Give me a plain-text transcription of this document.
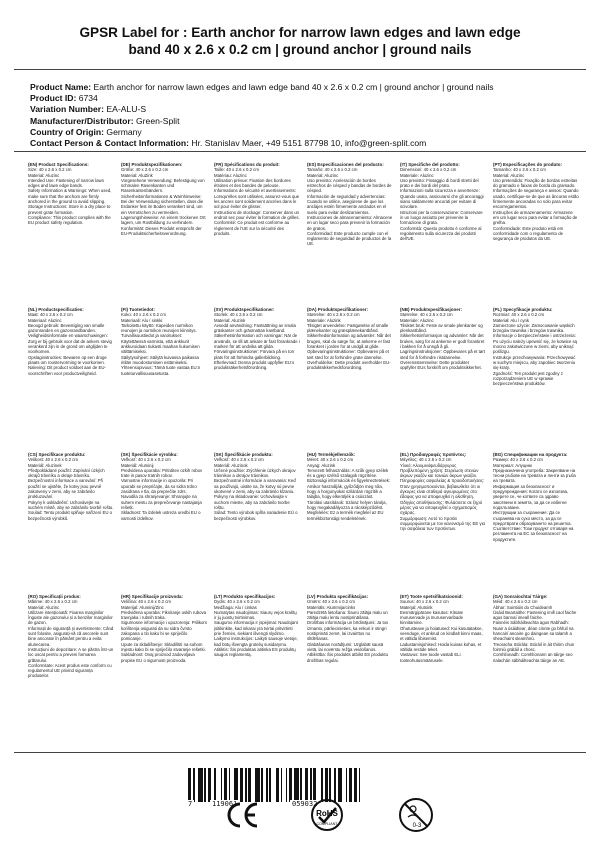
GPSR Label for : Earth anchor for narrow lawn edges and lawn edge
band 40 x 2.6 x 0.2 cm | ground anchor | ground nails
Product Name: Earth anchor for narrow lawn edges and lawn edge band 40 x 2.6 x 0.2 cm | ground anchor | ground nails
Product ID: 6734
Variation Number: EA-ALU-S
Manufacturer/Distributor: Green-Split
Country of Origin: Germany
Contact Person & Contact Information: Hr. Stanislav Maer, +49 5151 87798 10, info@green-split.com
(EN) Product Specifications:

Size: 40 x 2.6 x 0.2 cm

Material: Aluzinc

Intended Use: Fastening of narrow lawn edges and lawn edge bands.

Safety Information & Warnings: When used, make sure that the anchors are firmly anchored in the ground to avoid slipping.

Storage Instructions: Store in a dry place to prevent grate formation.

Compliance: This product complies with the EU product safety regulation.

(DE) Produktspezifikationen:

Größe: 40 x 2.6 x 0.2 cm

Material: AluZink

Vorgesehene Verwendung: Befestigung von schmalen Rasenkanten und Rasenkantenbändern.

Sicherheitsinformationen & Warnhinweise: Bei der Verwendung sicherstellen, dass die Erdanker fest im Boden verankert sind, um ein Verrutschen zu vermeiden.

Lagerungshinweise: An einem trockenen Ort lagern, um Rostbildung zu verhindern.

Konformität: Dieses Produkt entspricht der EU-Produktsicherheitsverordnung.

(FR) Spécifications du produit:

Taille: 40 x 2.6 x 0.2 cm

Matériau: Aluzinc

Utilisation prévue: Fixation des bordures étroites et des bandes de pelouse.

Informations de sécurité et avertissements: Lorsqu'elles sont utilisées, assurez-vous que les ancres sont solidement ancrées dans le sol pour éviter de glisser.

Instructions de stockage: Conserver dans un endroit sec pour éviter la formation de grilles.

Conformité: Ce produit est conforme au règlement de l'UE sur la sécurité des produits.

(ES) Especificaciones del producto:

Tamaño: 40 x 2.6 x 0.2 cm

Material: Aluzinc

Uso previsto: Aceleración de bordes estrechos de césped y bandas de bordes de césped.

Información de seguridad y advertencias: Cuando se utilice, asegúrese de que los anclajes estén firmemente anclados en el suelo para evitar deslizamientos.

Instrucciones de almacenamiento: Almacene en un lugar seco para prevenir la formación de gratos.

Conformidad: Este producto cumple con el reglamento de seguridad de productos de la UE.

(IT) Specifiche del prodotto:

Dimensioni: 40 x 2.6 x 0.2 cm

Materiale: Aluzinc

Uso previsto: Fissaggio di bordi stretti del prato e dei bordi del prato.

Informazioni sulla sicurezza e avvertenze: Quando usato, assicurarsi che gli ancoraggi siano saldamente ancorati per evitare di scivolare.

Istruzioni per la conservazione: Conservare in un luogo asciutto per prevenire la formazione di grata.

Conformità: Questo prodotto è conforme al regolamento sulla sicurezza dei prodotti dell'UE.

(PT) Especificações do produto:

Tamanho: 40 x 2.6 x 0.2 cm

Material: Aluzinc

Uso pretendido: Fixação de bordas estreitas do gramado e faixas de borda do gramado.

Informações de segurança e avisos: Quando usado, certifique-se de que as âncoras estão firmemente ancoradas no solo para evitar escorregamentos.

Instruções de armazenamento: Armazene em um lugar seco para evitar a formação de grelha.

Conformidade: Este produto está em conformidade com o regulamento de segurança de produtos da UE.

(NL) Productspecificaties:

Maat: 40 x 2.6 x 0.2 cm

Materiaal: Aluzinc

Beoogd gebruik: Bevestiging van smalle gazonranden en gazonrandbanden.

Veiligheidsinformatie en waarschuwingen: Zorg er bij gebruik voor dat de ankers stevig verankerd zijn in de grond om uitglijden te voorkomen.

Opslaginstructies: Bewaren op een droge plaats om roostervorming te voorkomen.

Naleving: Dit product voldoet aan de EU-voorschriften voor productveiligheid.

(FI) Tuotetiedot:

Koko: 40 x 2.6 x 0.2 cm

Materiaali: Alu / sinkki

Tarkoitettu käyttö: Kapeiden nurmikon reunojen ja nurmikon reunojen kiinnitys.

Turvallisuustiedot ja varoitukset: Käytettäessä varmista, että ankkurit ankkuroidaan tiukasti maahan liukumisen välttämiseksi.

Säilytysohjeet: Säilytä kuivassa paikassa ritilän muodostumisen estämiseksi.

Yhteensopivuus: Tämä tuote vastaa EU:n tuoteturvallisuusasetusta.

(SV) Produktspecifikationer:

Storlek: 40 x 2.6 x 0.2 cm

Material: Aluzink

Avsedd användning: Fastsättning av smala gräskanter och gräsmattan kantband.

Säkerhetsinformation och varningar: När de används, se till att ankare är fast förankrade i marken för att undvika att glida.

Förvaringsinstruktioner: Förvara på en torr plats för att förhindra gallerbildning.

Efterlevnad: Denna produkt uppfyller EU:s produktsäkerhetsförordning.

(DA) Produktspecifikationer:

Størrelse: 40 x 2.6 x 0.2 cm

Materiale: Aluzink

Tilsigtet anvendelse: Fastgørelse af smalle plænekanter og græsplænekantbånd.

Sikkerhedsinformation og advarsler: Når det bruges, skal du sørge for, at ankerne er fast forankret i jorden for at undgå at glide.

Opbevaringsinstruktioner: Opbevares på et tørt sted for at forhindre grate dannelse.

Overholdelse: Dette produkt overholder EU-produktsikkerhedsforordning.

(NB) Produktspesifikasjoner:

Størrelse: 40 x 2.6 x 0.2 cm

Materiale: Aluzinc

Tilsiktet bruk: Feste av smale plenkanter og plenkantbånd.

Sikkerhetsinformasjon og advarsler: Når det brukes, sørg for at ankerne er godt forankret i bakken for å unngå å gli.

Lagringsinstruksjoner: Oppbevares på et tørt sted for å forhindre ristdannelse.

Overensstemmelse: Dette produktet oppfyller EUs forskrift om produktsikkerhet.

(PL) Specyfikacje produktu:

Rozmiar: 40 x 2.6 x 0.2 cm

Materiał: Alu / cynk

Zamierzone użycie: Zamocowanie wąskich brzegów trawnika i brzegów trawnika.

Informacje o bezpieczeństwie i ostrzeżenia: Po użyciu należy upewnić się, że kotwice są mocno zakotwiczone w ziemi, aby uniknąć poślizgu.

Instrukcje przechowywania: Przechowywać w suchym miejscu, aby zapobiec tworzeniu się kraty.

Zgodność: Ten produkt jest zgodny z rozporządzeniem UE w sprawie bezpieczeństwa produktów.

(CS) Specifikace produktu:

Velikost: 40 x 2.6 x 0.2 cm

Materiál: Aluzinek

Předpokládané použití: Zapínání úzkých okrajů trávníku a okraje trávníku.

Bezpečnostní informace a varování: Při použití se ujistěte, že kotvy jsou pevně zakotveny v zemi, aby se zabránilo prokluzování.

Pokyny k uskladnění: Uchovávejte na suchém místě, aby se zabránilo tvorbě roštu.

Soulad: Tento produkt splňuje nařízení EU o bezpečnosti výrobků.

(SK) Špecifikácie výrobku:

Veľkosť: 40 x 2.6 x 0.2 cm

Materiál: Aluminij

Predvidena uporaba: Pritrditev ozkih robov trate in pasov tratnih robov.

Varnostne informacije in opozorila: Pri uporabi se prepričajte, da so sidra trdno zasidrana v tla, da preprečite zdrs.

Navodila za shranjevanje: Shranjujte na suhem mestu za preprečevanje nastajanja rešetk.

Skladnost: Ta izdelek ustreza uredbi EU o varnosti izdelkov.

(SK) Špecifikácie produktu:

Veľkosť: 40 x 2.6 x 0.2 cm

Materiál: Aluzinok

Určené použitie: Zrýchlenie úzkych okrajov trávnikov a okrajov trávnikov.

Bezpečnostné informácie a varovania: Keď sa používajú, uistite sa, že kotvy sú pevne ukotvené v zemi, aby sa zabránilo kĺzaniu.

Pokyny na skladovanie: Uchovávajte v suchom mieste, aby sa zabránilo tvorbe roštu.

Súlad: Tento výrobok spĺňa nariadenie EÚ o bezpečnosti výrobkov.

(HU) Termékjellemzők:

Méret: 40 x 2.6 x 0.2 cm

Anyag: Aluzink

Tervezett felhasználás: A szűk gyep szélek és a gyep szélső szalagok rögzítése.

Biztonsági információk és figyelmeztetések: Amikor használják, győződjön meg róla, hogy a horgonyokat szilárdan rögzítik a talajba, hogy elkerüljék a csúszást.

Tárolási utasítások: Száraz helyen tárolja, hogy megakadályozza a rácsképződést.

Megfelelés: Ez a termék megfelel az EU termékbiztonsági rendeletének.

(EL) Προδιαγραφές προϊόντος:

Μέγεθος: 40 x 2.6 x 0.2 cm

Υλικό: Αλουμινόψευδάργυρος

Προβλεπόμενη χρήση: Στερέωση στενών άκρων γκαζόν και ταινιών άκρων γκαζόν.

Πληροφορίες ασφαλείας & προειδοποιήσεις: Όταν χρησιμοποιούνται, βεβαιωθείτε ότι οι άγκυρες είναι σταθερά αγκυρωμένες στο έδαφος για να αποφευχθεί η ολίσθηση.

Οδηγίες αποθήκευσης: Φυλάσσετε σε ξηρό μέρος για να αποφευχθεί ο σχηματισμός σχάρας.

Συμμόρφωση: Αυτό το προϊόν συμμορφώνεται με τον κανονισμό της ΕΕ για την ασφάλεια των προϊόντων.

(BG) Спецификации на продукта:

Размер: 40 x 2.6 x 0.2 cm

Материал: Алуцинк

Предназначена употреба: Закрепване на тесни ръбове на тревата и ленти за ръба на тревата.

Информация за безопасност и предупреждения: Когато се използва, уверете се, че котвите са здраво закотвени в земята, за да се избегне подхлъзване.

Инструкции за съхранение: Да се съхранява на сухо място, за да се предотврати образуването на решетка.

Съответствие: Този продукт отговаря на регламента на ЕС за безопасност на продуктите.

(RO) Specificații produs:

Mărime: 40 x 2.6 x 0.2 cm

Material: Aluzinc

Utilizare intenționată: Fixarea marginilor înguste ale gazonului și a benzilor marginilor de gazon.

Informații de siguranță și avertismente: Când sunt folosite, asigurați-vă că ancorele sunt bine ancorate în pământ pentru a evita alunecarea.

Instrucțiuni de depozitare: A se păstra într-un loc uscat pentru a preveni formarea grătarului.

Conformitate: Acest produs este conform cu regulamentul UE privind siguranța produselor.

(HR) Specifikacije proizvoda:

Veličina: 40 x 2.6 x 0.2 cm

Materijal: Aluminij/Zinc

Predviđena uporaba: Fiksiranje uskih rubova travnjaka i rubnih traka.

Sigurnosne informacije i upozorenja: Prilikom korištenja osigurati da su sidra čvrsto zakopana u tlo kako bi se spriječilo pomicanje.

Upute za skladištenje: Skladištiti na suhom mjestu kako bi se spriječilo stvaranje rešetki.

Sukladnost: Ovaj proizvod zadovoljava propise EU o sigurnosti proizvoda.

(LT) Produkto specifikacijos:

Dydis: 40 x 2.6 x 0.2 cm

Medžiaga: Alu / cinkas

Numatytas naudojimas: Siaurų vejos kraštų ir jų juostų tvirtinimas.

Saugumo informacija ir įspėjimai: Naudojant įsitikinkite, kad inkarai yra tvirtai pritvirtinti prie žemės, siekiant išvengti slydimo.

Laikymo instrukcijos: Laikyti sausoje vietoje, kad būtų išvengta grotelių susidarymo.

Atitiktis: Šis produktas atitinka ES produktų saugos reglamentą.

(LV) Produkta specifikācijas:

Izmērs: 40 x 2.6 x 0.2 cm

Materiāls: Alumīnija/cinks

Paredzētā lietošana: Šauru zālāja malu un zālāja malu lentu nostiprināšana.

Drošības informācija un brīdinājumi: Ja tos izmanto, pārliecinieties, ka enkuri ir stingri nostiprināti zemē, lai izvairītos no slīdēšanas.

Glabāšanas norādījumi: Uzglabāt sausā vietā, lai novērstu režģa veidošanos.

Atbilstība: Šis produkts atbilst ES produktu drošības regulai.

(ET) Toote spetsifikatsioonid:

Suurus: 40 x 2.6 x 0.2 cm

Materjal: Alutsink

Eesmärgipärane kasutus: Kitsate muruservade ja muruservaribade kinnitamine.

Ohutusteave ja hoiatused: Kui kasutatakse, veenduge, et ankrud on kindlalt kinni maas, et vältida libisemist.

Ladustamisjuhised: Hoida kuivas kohas, et vältida restide teket.

Vastavus: See toode vastab ELi tooteohutusmäärusele.

(GA) Sonraíochtaí Táirge:

Méid: 40 x 2.6 x 0.2 cm

Ábhar: Sointiúis do Chuideamh

Úsáid Beartaithe: Fastening imill caol faiche agus bannaí imeall faiche.

Faisnéis Sábháilteachta agus Rabhadh: Nuair a úsáidtear, déan cinnte go bhfuil na hancairí ancaire go daingean sa talamh a sheachaint sleamhnú.

Treoracha Stórála: Stóráil in áit thirim chun foirmiú grátáil a chosc.

Comhlíonadh: Comhlíonann an táirge seo rialachán sábháilteachta táirge an AE.

7	119061	059032
RoHS
COMPLIANT	0-3
